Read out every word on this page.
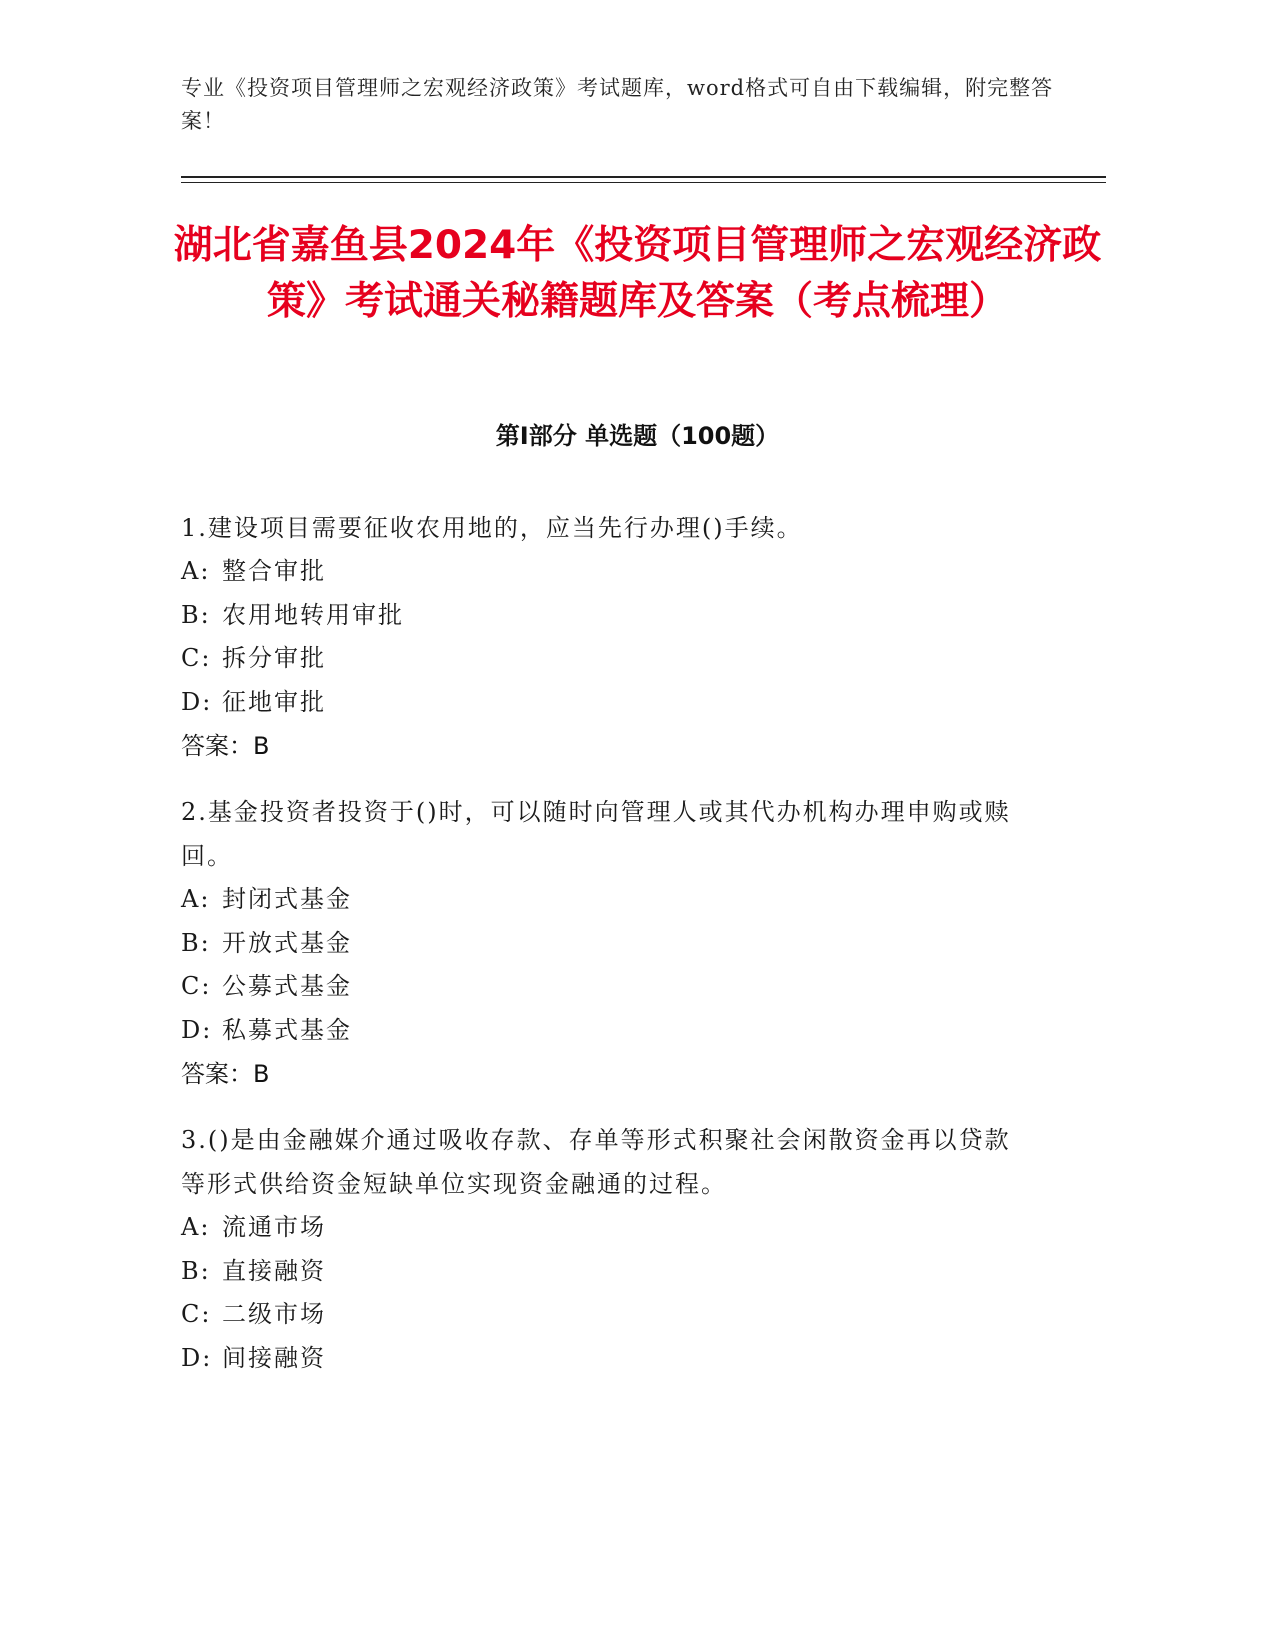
专业《投资项目管理师之宏观经济政策》考试题库，word格式可自由下载编辑，附完整答案！
湖北省嘉鱼县2024年《投资项目管理师之宏观经济政策》考试通关秘籍题库及答案（考点梳理）
第Ⅰ部分 单选题（100题）

1.建设项目需要征收农用地的，应当先行办理()手续。

A: 整合审批

B: 农用地转用审批

C: 拆分审批

D: 征地审批

答案：B

2.基金投资者投资于()时，可以随时向管理人或其代办机构办理申购或赎回。

A: 封闭式基金

B: 开放式基金

C: 公募式基金

D: 私募式基金

答案：B

3.()是由金融媒介通过吸收存款、存单等形式积聚社会闲散资金再以贷款等形式供给资金短缺单位实现资金融通的过程。

A: 流通市场

B: 直接融资

C: 二级市场

D: 间接融资
